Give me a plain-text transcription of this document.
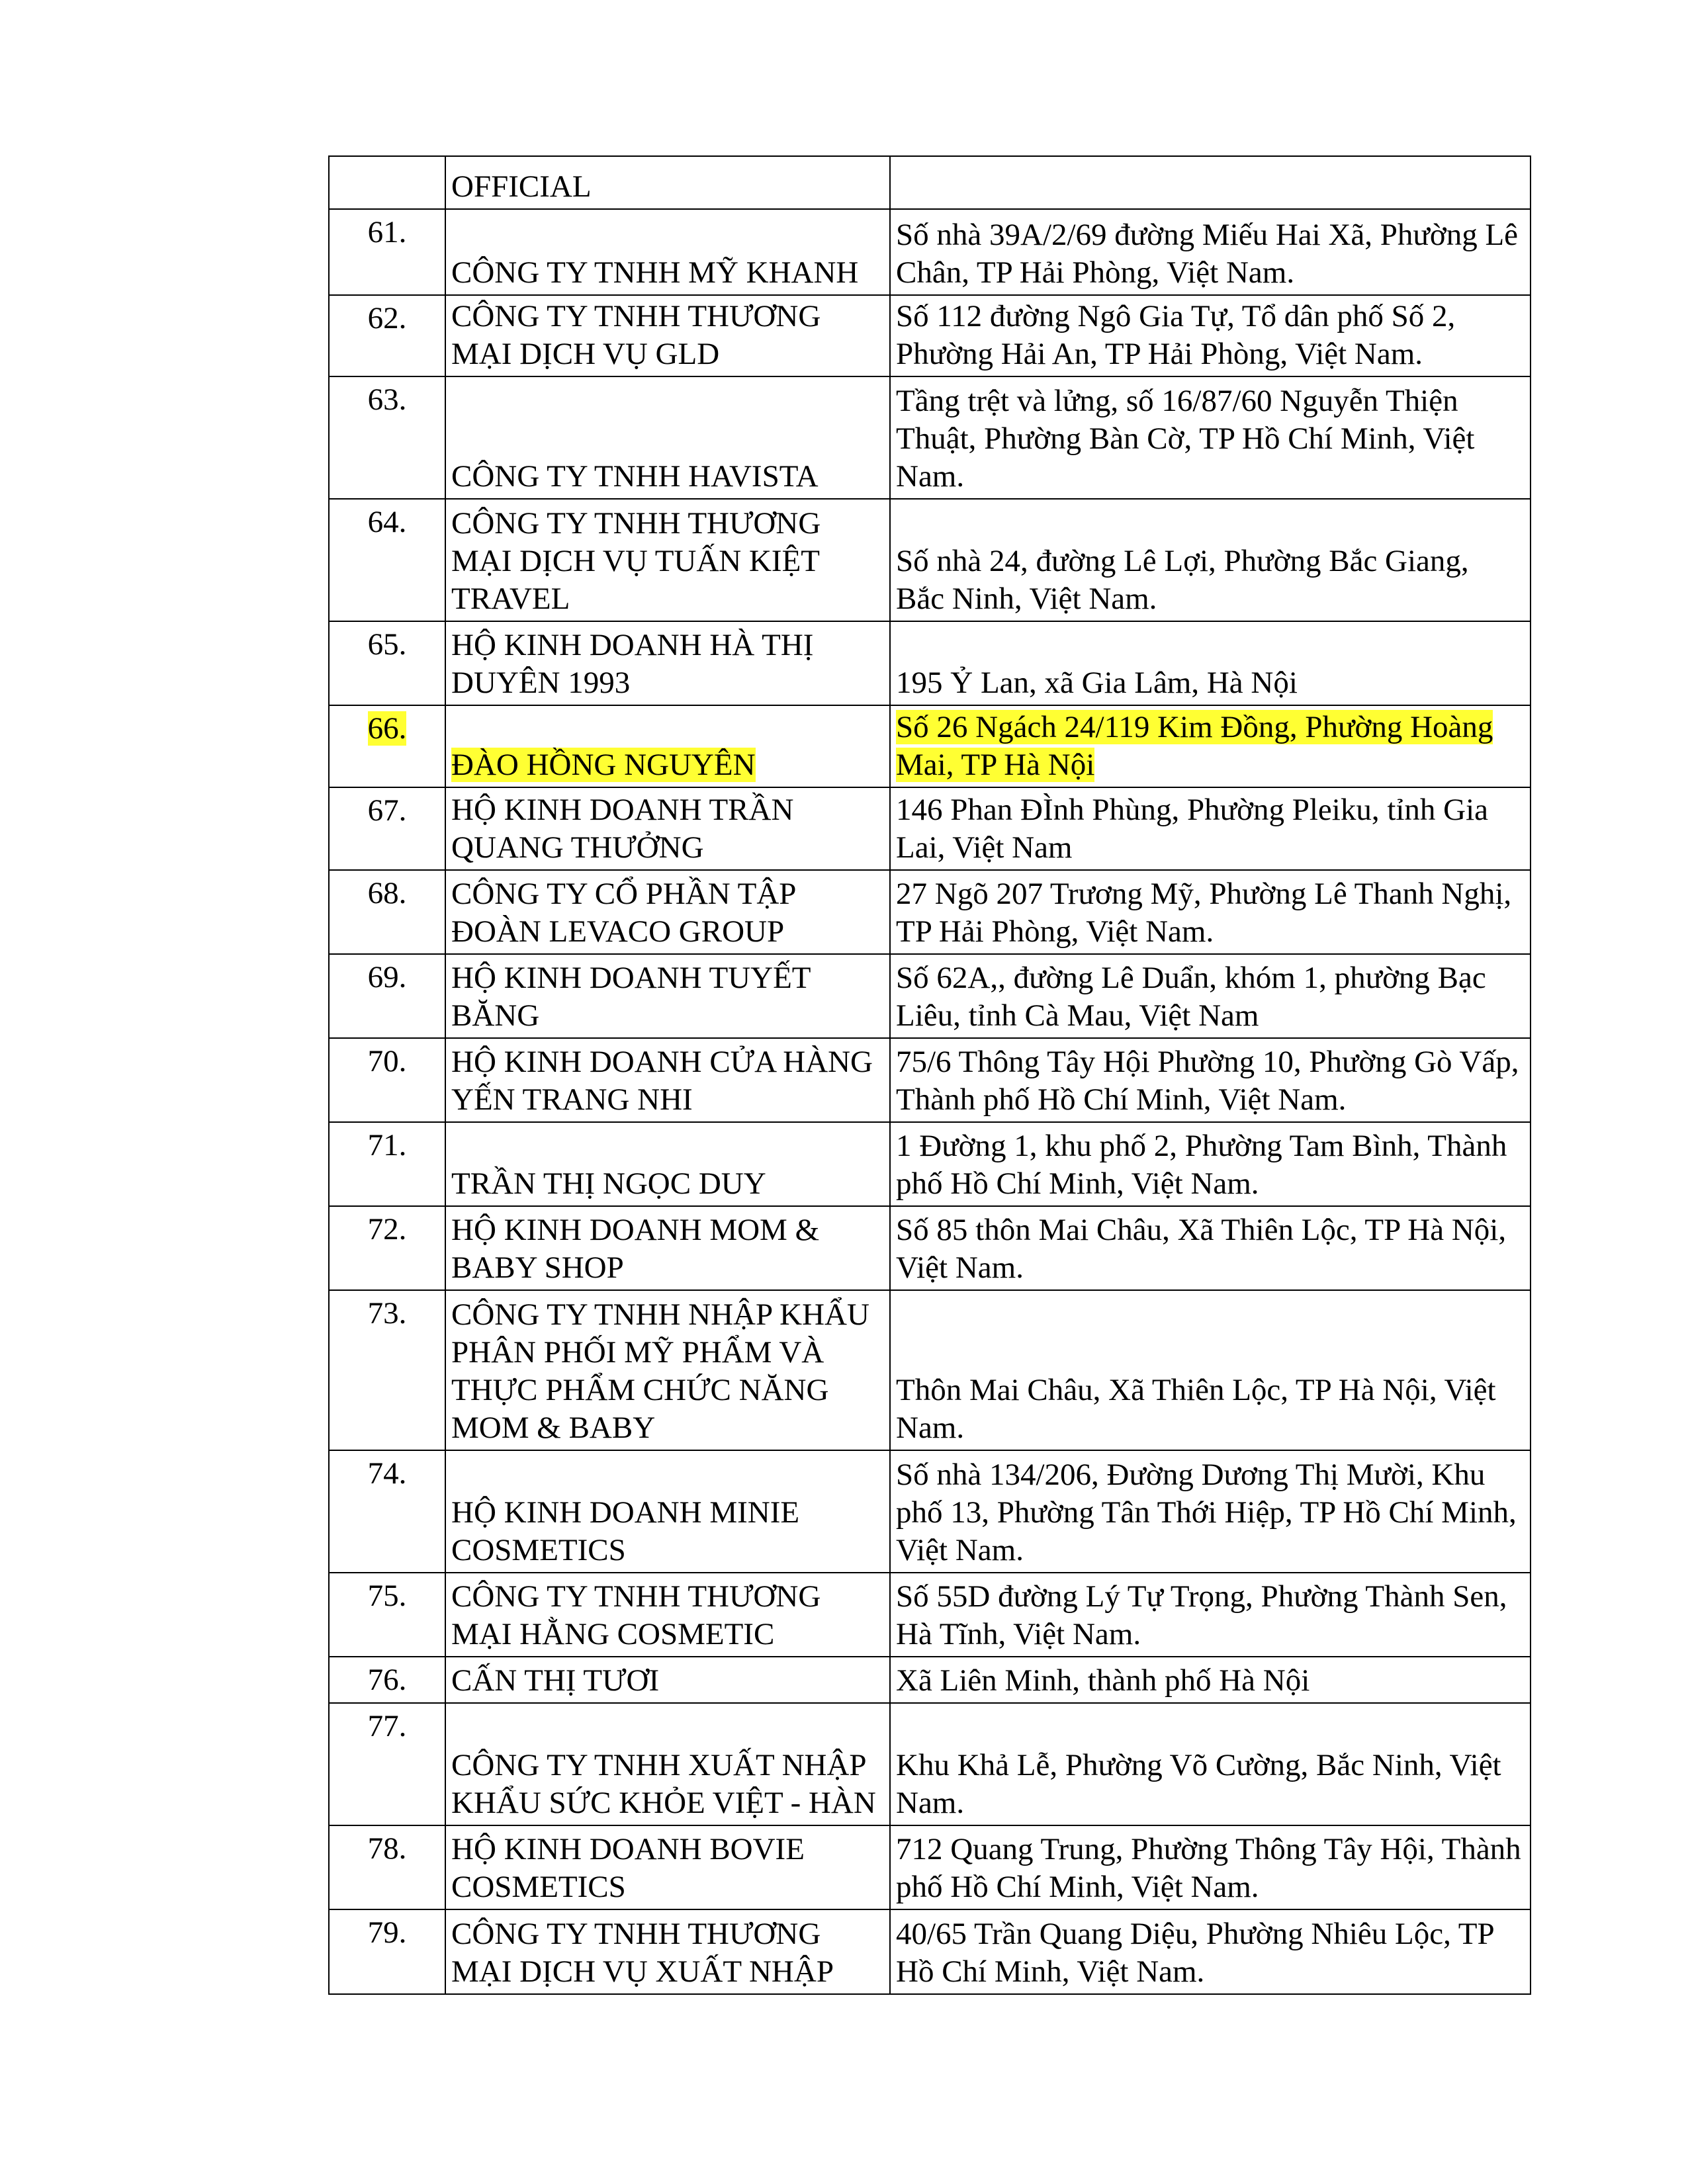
	OFFICIAL	
61.	CÔNG TY TNHH MỸ KHANH	Số nhà 39A/2/69 đường Miếu Hai Xã, Phường Lê Chân, TP Hải Phòng, Việt Nam.
62.	CÔNG TY TNHH THƯƠNG MẠI DỊCH VỤ GLD	Số 112 đường Ngô Gia Tự, Tổ dân phố Số 2, Phường Hải An, TP Hải Phòng, Việt Nam.
63.	CÔNG TY TNHH HAVISTA	Tầng trệt và lửng, số 16/87/60 Nguyễn Thiện Thuật, Phường Bàn Cờ, TP Hồ Chí Minh, Việt Nam.
64.	CÔNG TY TNHH THƯƠNG MẠI DỊCH VỤ TUẤN KIỆT TRAVEL	Số nhà 24, đường Lê Lợi, Phường Bắc Giang, Bắc Ninh, Việt Nam.
65.	HỘ KINH DOANH HÀ THỊ DUYÊN 1993	195 Ỷ Lan, xã Gia Lâm, Hà Nội
66.	ĐÀO HỒNG NGUYÊN	Số 26 Ngách 24/119 Kim Đồng, Phường Hoàng Mai, TP Hà Nội
67.	HỘ KINH DOANH TRẦN QUANG THƯỞNG	146 Phan ĐÌnh Phùng, Phường Pleiku, tỉnh Gia Lai, Việt Nam
68.	CÔNG TY CỔ PHẦN TẬP ĐOÀN LEVACO GROUP	27 Ngõ 207 Trương Mỹ, Phường Lê Thanh Nghị, TP Hải Phòng, Việt Nam.
69.	HỘ KINH DOANH TUYẾT BĂNG	Số 62A,, đường Lê Duẩn, khóm 1, phường Bạc Liêu, tỉnh Cà Mau, Việt Nam
70.	HỘ KINH DOANH CỬA HÀNG YẾN TRANG NHI	75/6 Thông Tây Hội Phường 10, Phường Gò Vấp, Thành phố Hồ Chí Minh, Việt Nam.
71.	TRẦN THỊ NGỌC DUY	1 Đường 1, khu phố 2, Phường Tam Bình, Thành phố Hồ Chí Minh, Việt Nam.
72.	HỘ KINH DOANH MOM & BABY SHOP	Số 85 thôn Mai Châu, Xã Thiên Lộc, TP Hà Nội, Việt Nam.
73.	CÔNG TY TNHH NHẬP KHẨU PHÂN PHỐI MỸ PHẨM VÀ THỰC PHẨM CHỨC NĂNG MOM & BABY	Thôn Mai Châu, Xã Thiên Lộc, TP Hà Nội, Việt Nam.
74.	HỘ KINH DOANH MINIE COSMETICS	Số nhà 134/206, Đường Dương Thị Mười, Khu phố 13, Phường Tân Thới Hiệp, TP Hồ Chí Minh, Việt Nam.
75.	CÔNG TY TNHH THƯƠNG MẠI HẰNG COSMETIC	Số 55D đường Lý Tự Trọng, Phường Thành Sen, Hà Tĩnh, Việt Nam.
76.	CẤN THỊ TƯƠI	Xã Liên Minh, thành phố Hà Nội
77.	CÔNG TY TNHH XUẤT NHẬP KHẨU SỨC KHỎE VIỆT - HÀN	Khu Khả Lễ, Phường Võ Cường, Bắc Ninh, Việt Nam.
78.	HỘ KINH DOANH BOVIE COSMETICS	712 Quang Trung, Phường Thông Tây Hội, Thành phố Hồ Chí Minh, Việt Nam.
79.	CÔNG TY TNHH THƯƠNG MẠI DỊCH VỤ XUẤT NHẬP	40/65 Trần Quang Diệu, Phường Nhiêu Lộc, TP Hồ Chí Minh, Việt Nam.
